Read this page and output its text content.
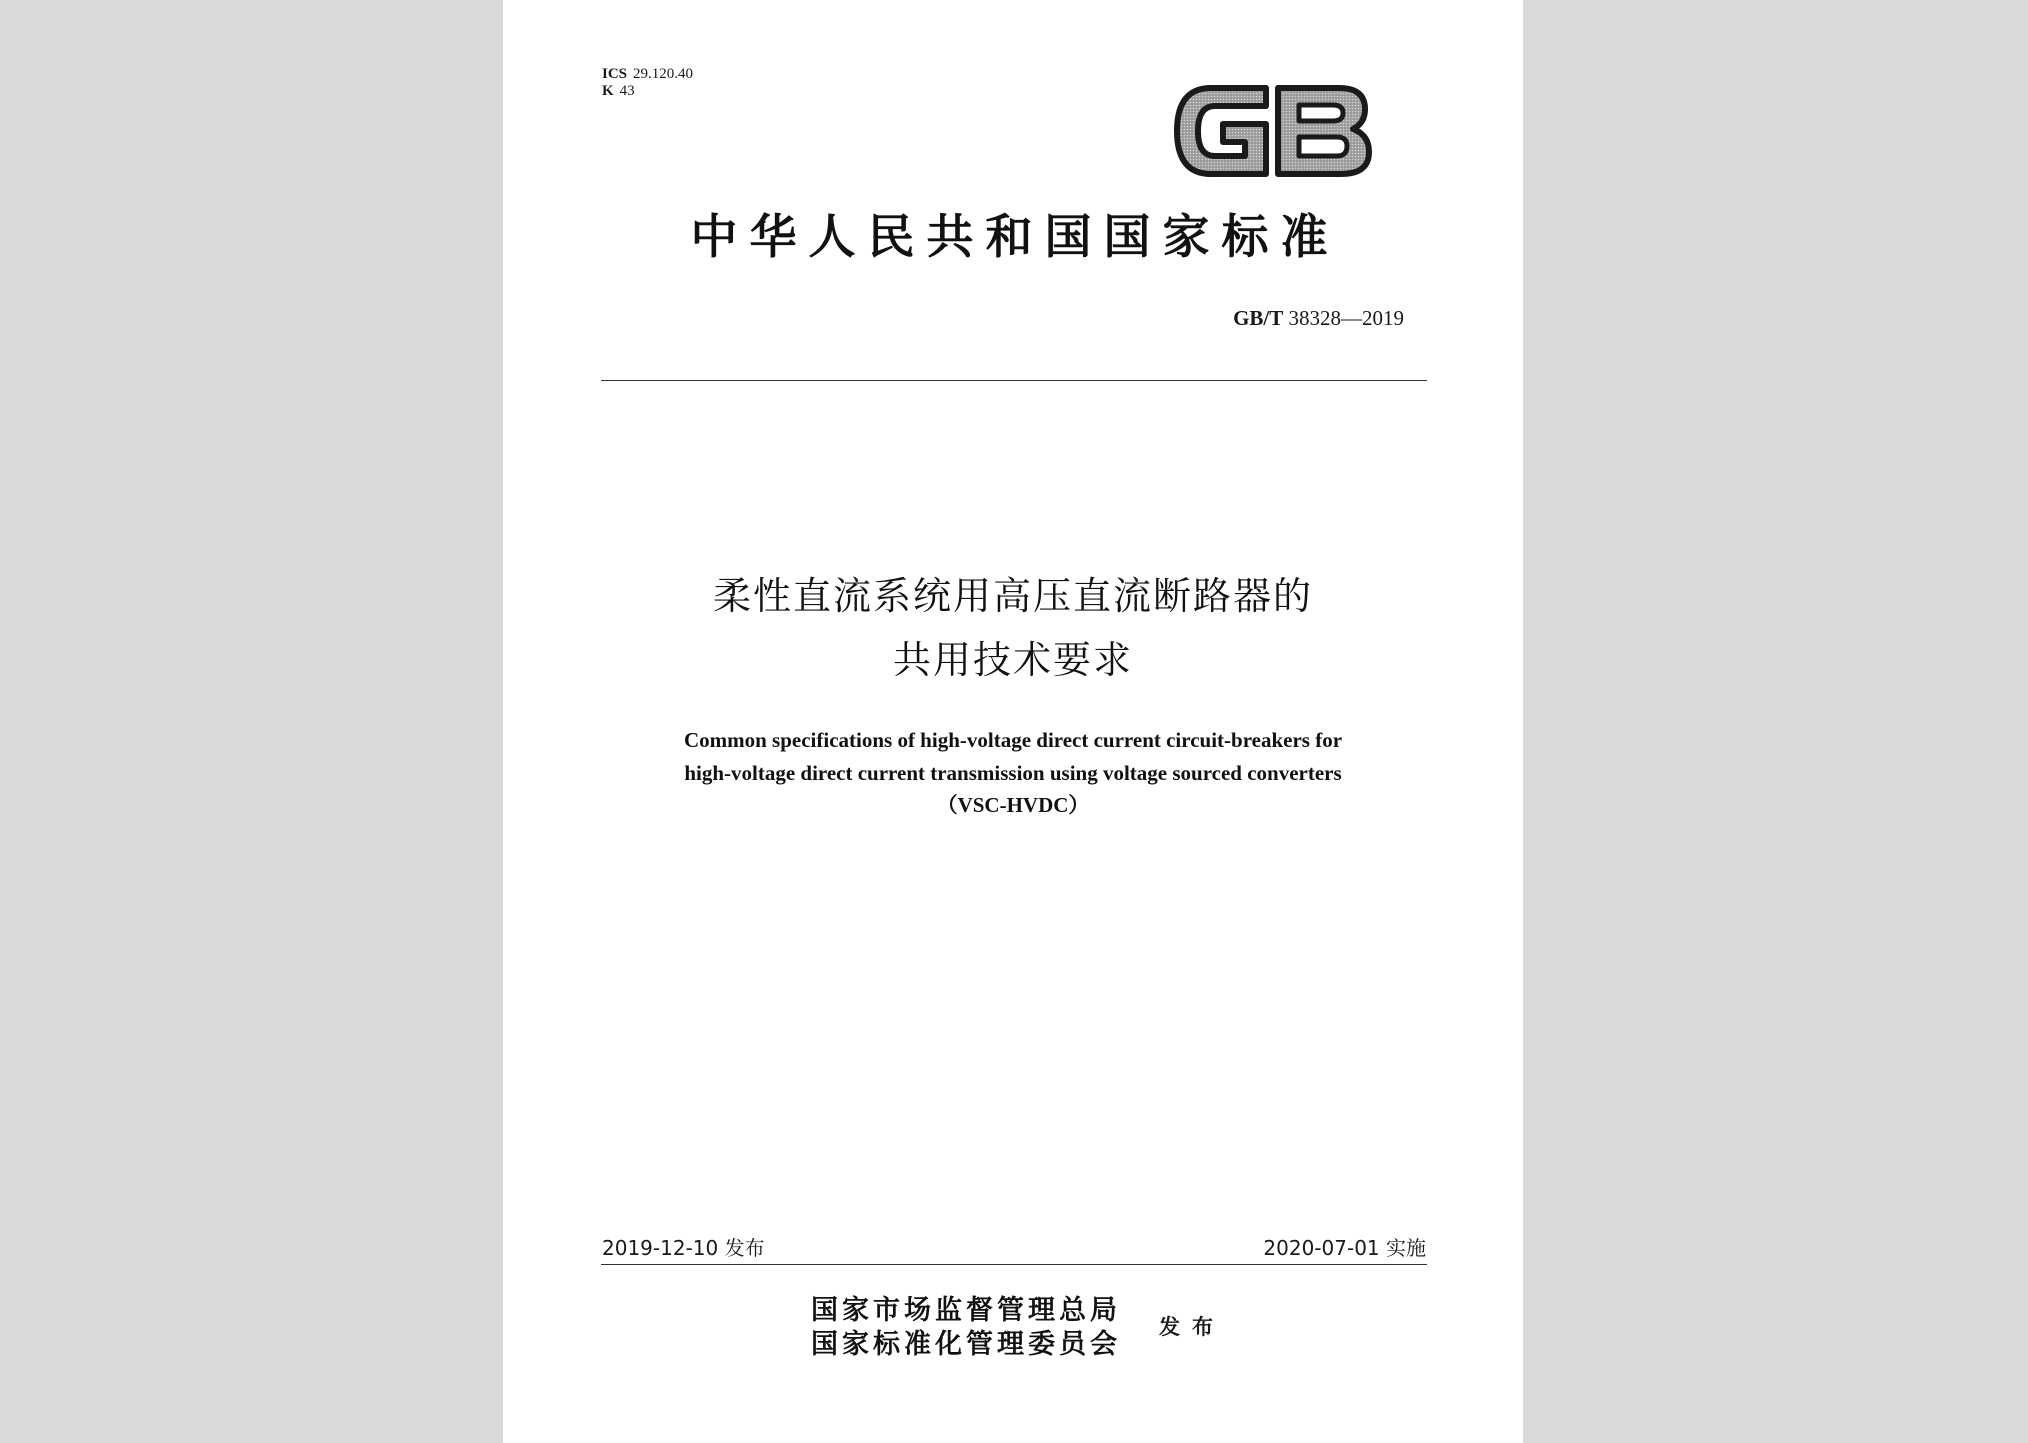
ICS 29.120.40
K 43
中华人民共和国国家标准
GB/T 38328—2019
柔性直流系统用高压直流断路器的
共用技术要求
Common specifications of high-voltage direct current circuit-breakers for
high-voltage direct current transmission using voltage sourced converters
（VSC-HVDC）
2019-12-10 发布	2020-07-01 实施
国家市场监督管理总局
国家标准化管理委员会
发布
